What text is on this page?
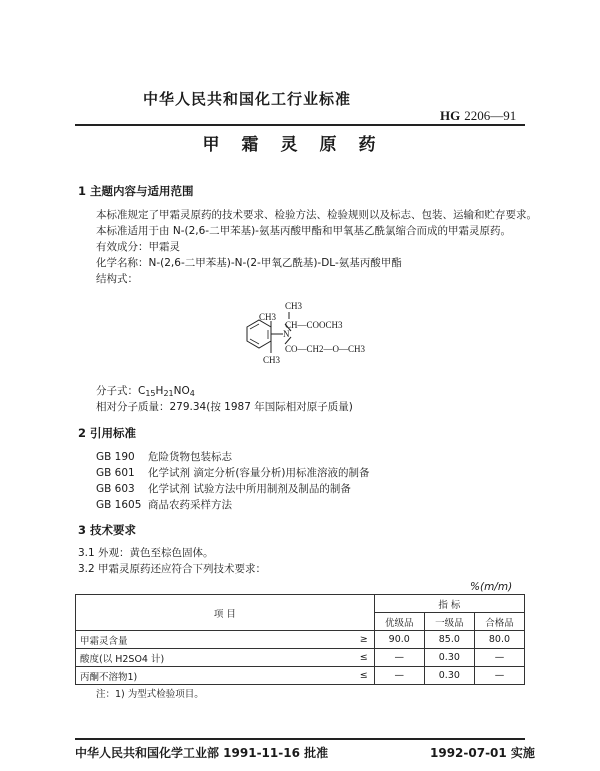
中华人民共和国化工行业标准
HG 2206—91
甲霜灵原药
1 主题内容与适用范围
本标准规定了甲霜灵原药的技术要求、检验方法、检验规则以及标志、包装、运输和贮存要求。
本标准适用于由 N-(2,6-二甲苯基)-氨基丙酸甲酯和甲氧基乙酰氯缩合而成的甲霜灵原药。
有效成分：甲霜灵
化学名称：N-(2,6-二甲苯基)-N-(2-甲氧乙酰基)-DL-氨基丙酸甲酯
结构式：
CH3
CH3
CH—COOCH3
N
CO—CH2—O—CH3
CH3
分子式：C15H21NO4
相对分子质量：279.34(按 1987 年国际相对原子质量)
2 引用标准
GB 190 危险货物包装标志
GB 601 化学试剂 滴定分析(容量分析)用标准溶液的制备
GB 603 化学试剂 试验方法中所用制剂及制品的制备
GB 1605 商品农药采样方法
3 技术要求
3.1 外观：黄色至棕色固体。
3.2 甲霜灵原药还应符合下列技术要求：
%(m/m)
项 目		指 标		
		优级品	一级品	合格品
甲霜灵含量	≥	90.0	85.0	80.0
酸度(以 H2SO4 计)	≤	—	0.30	—
丙酮不溶物1)	≤	—	0.30	—
注：1) 为型式检验项目。
中华人民共和国化学工业部 1991-11-16 批准	1992-07-01 实施
